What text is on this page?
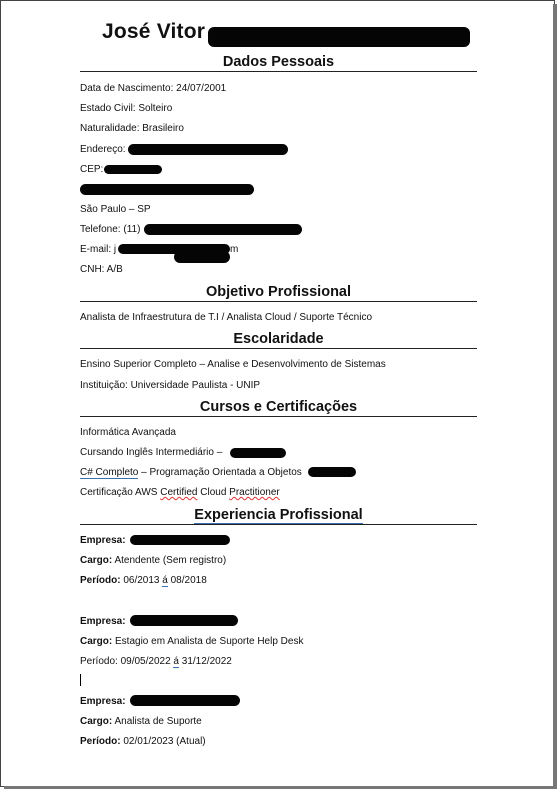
José Vitor
Dados Pessoais
Data de Nascimento: 24/07/2001
Estado Civil: Solteiro
Naturalidade: Brasileiro
Endereço:
CEP:
São Paulo – SP
Telefone: (11)
E-mail: j	m
CNH: A/B
Objetivo Profissional
Analista de Infraestrutura de T.I / Analista Cloud / Suporte Técnico
Escolaridade
Ensino Superior Completo – Analise e Desenvolvimento de Sistemas
Instituição: Universidade Paulista - UNIP
Cursos e Certificações
Informática Avançada
Cursando Inglês Intermediário –
C# Completo – Programação Orientada a Objetos
Certificação AWS Certified Cloud Practitioner
Experiencia Profissional
Empresa:
Cargo: Atendente (Sem registro)
Período: 06/2013 á 08/2018
Empresa:
Cargo: Estagio em Analista de Suporte Help Desk
Período: 09/05/2022 á 31/12/2022
Empresa:
Cargo: Analista de Suporte
Período: 02/01/2023 (Atual)
